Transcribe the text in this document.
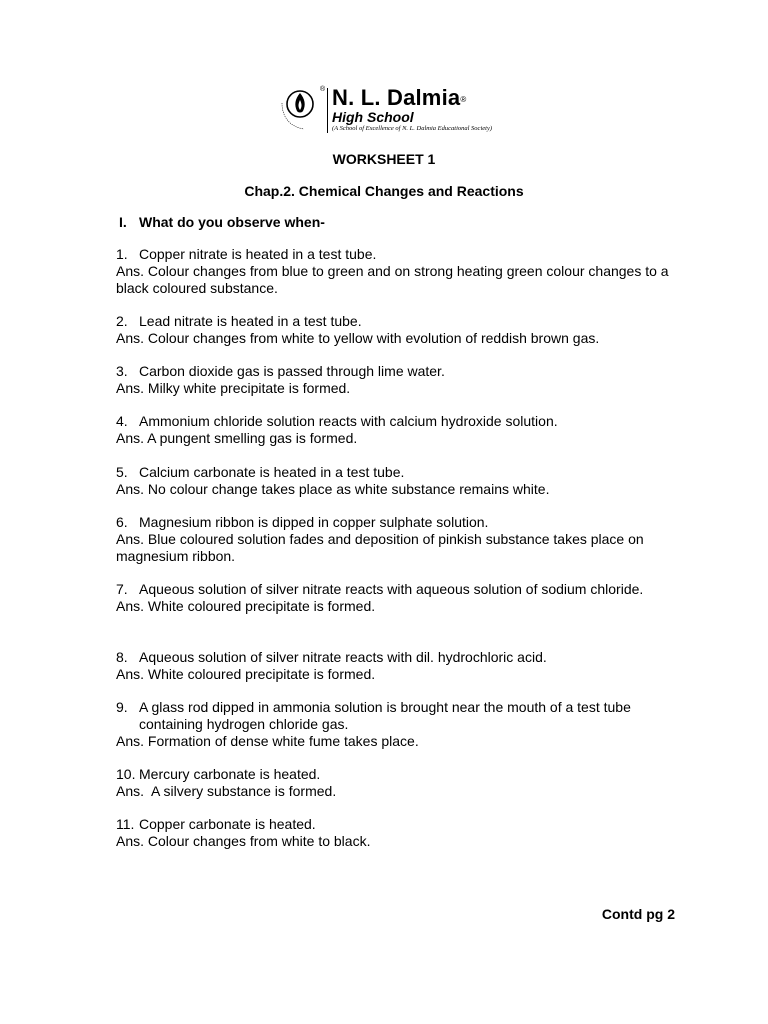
® N. L. Dalmia®
High School
(A School of Excellence of N. L. Dalmia Educational Society)
WORKSHEET 1
Chap.2. Chemical Changes and Reactions
I. What do you observe when-
1. Copper nitrate is heated in a test tube.
Ans. Colour changes from blue to green and on strong heating green colour changes to a black coloured substance.
2. Lead nitrate is heated in a test tube.
Ans. Colour changes from white to yellow with evolution of reddish brown gas.
3. Carbon dioxide gas is passed through lime water.
Ans. Milky white precipitate is formed.
4. Ammonium chloride solution reacts with calcium hydroxide solution.
Ans. A pungent smelling gas is formed.
5. Calcium carbonate is heated in a test tube.
Ans. No colour change takes place as white substance remains white.
6. Magnesium ribbon is dipped in copper sulphate solution.
Ans. Blue coloured solution fades and deposition of pinkish substance takes place on magnesium ribbon.
7. Aqueous solution of silver nitrate reacts with aqueous solution of sodium chloride.
Ans. White coloured precipitate is formed.
8. Aqueous solution of silver nitrate reacts with dil. hydrochloric acid.
Ans. White coloured precipitate is formed.
9. A glass rod dipped in ammonia solution is brought near the mouth of a test tube containing hydrogen chloride gas.
Ans. Formation of dense white fume takes place.
10. Mercury carbonate is heated.
Ans.  A silvery substance is formed.
11. Copper carbonate is heated.
Ans. Colour changes from white to black.
Contd pg 2
